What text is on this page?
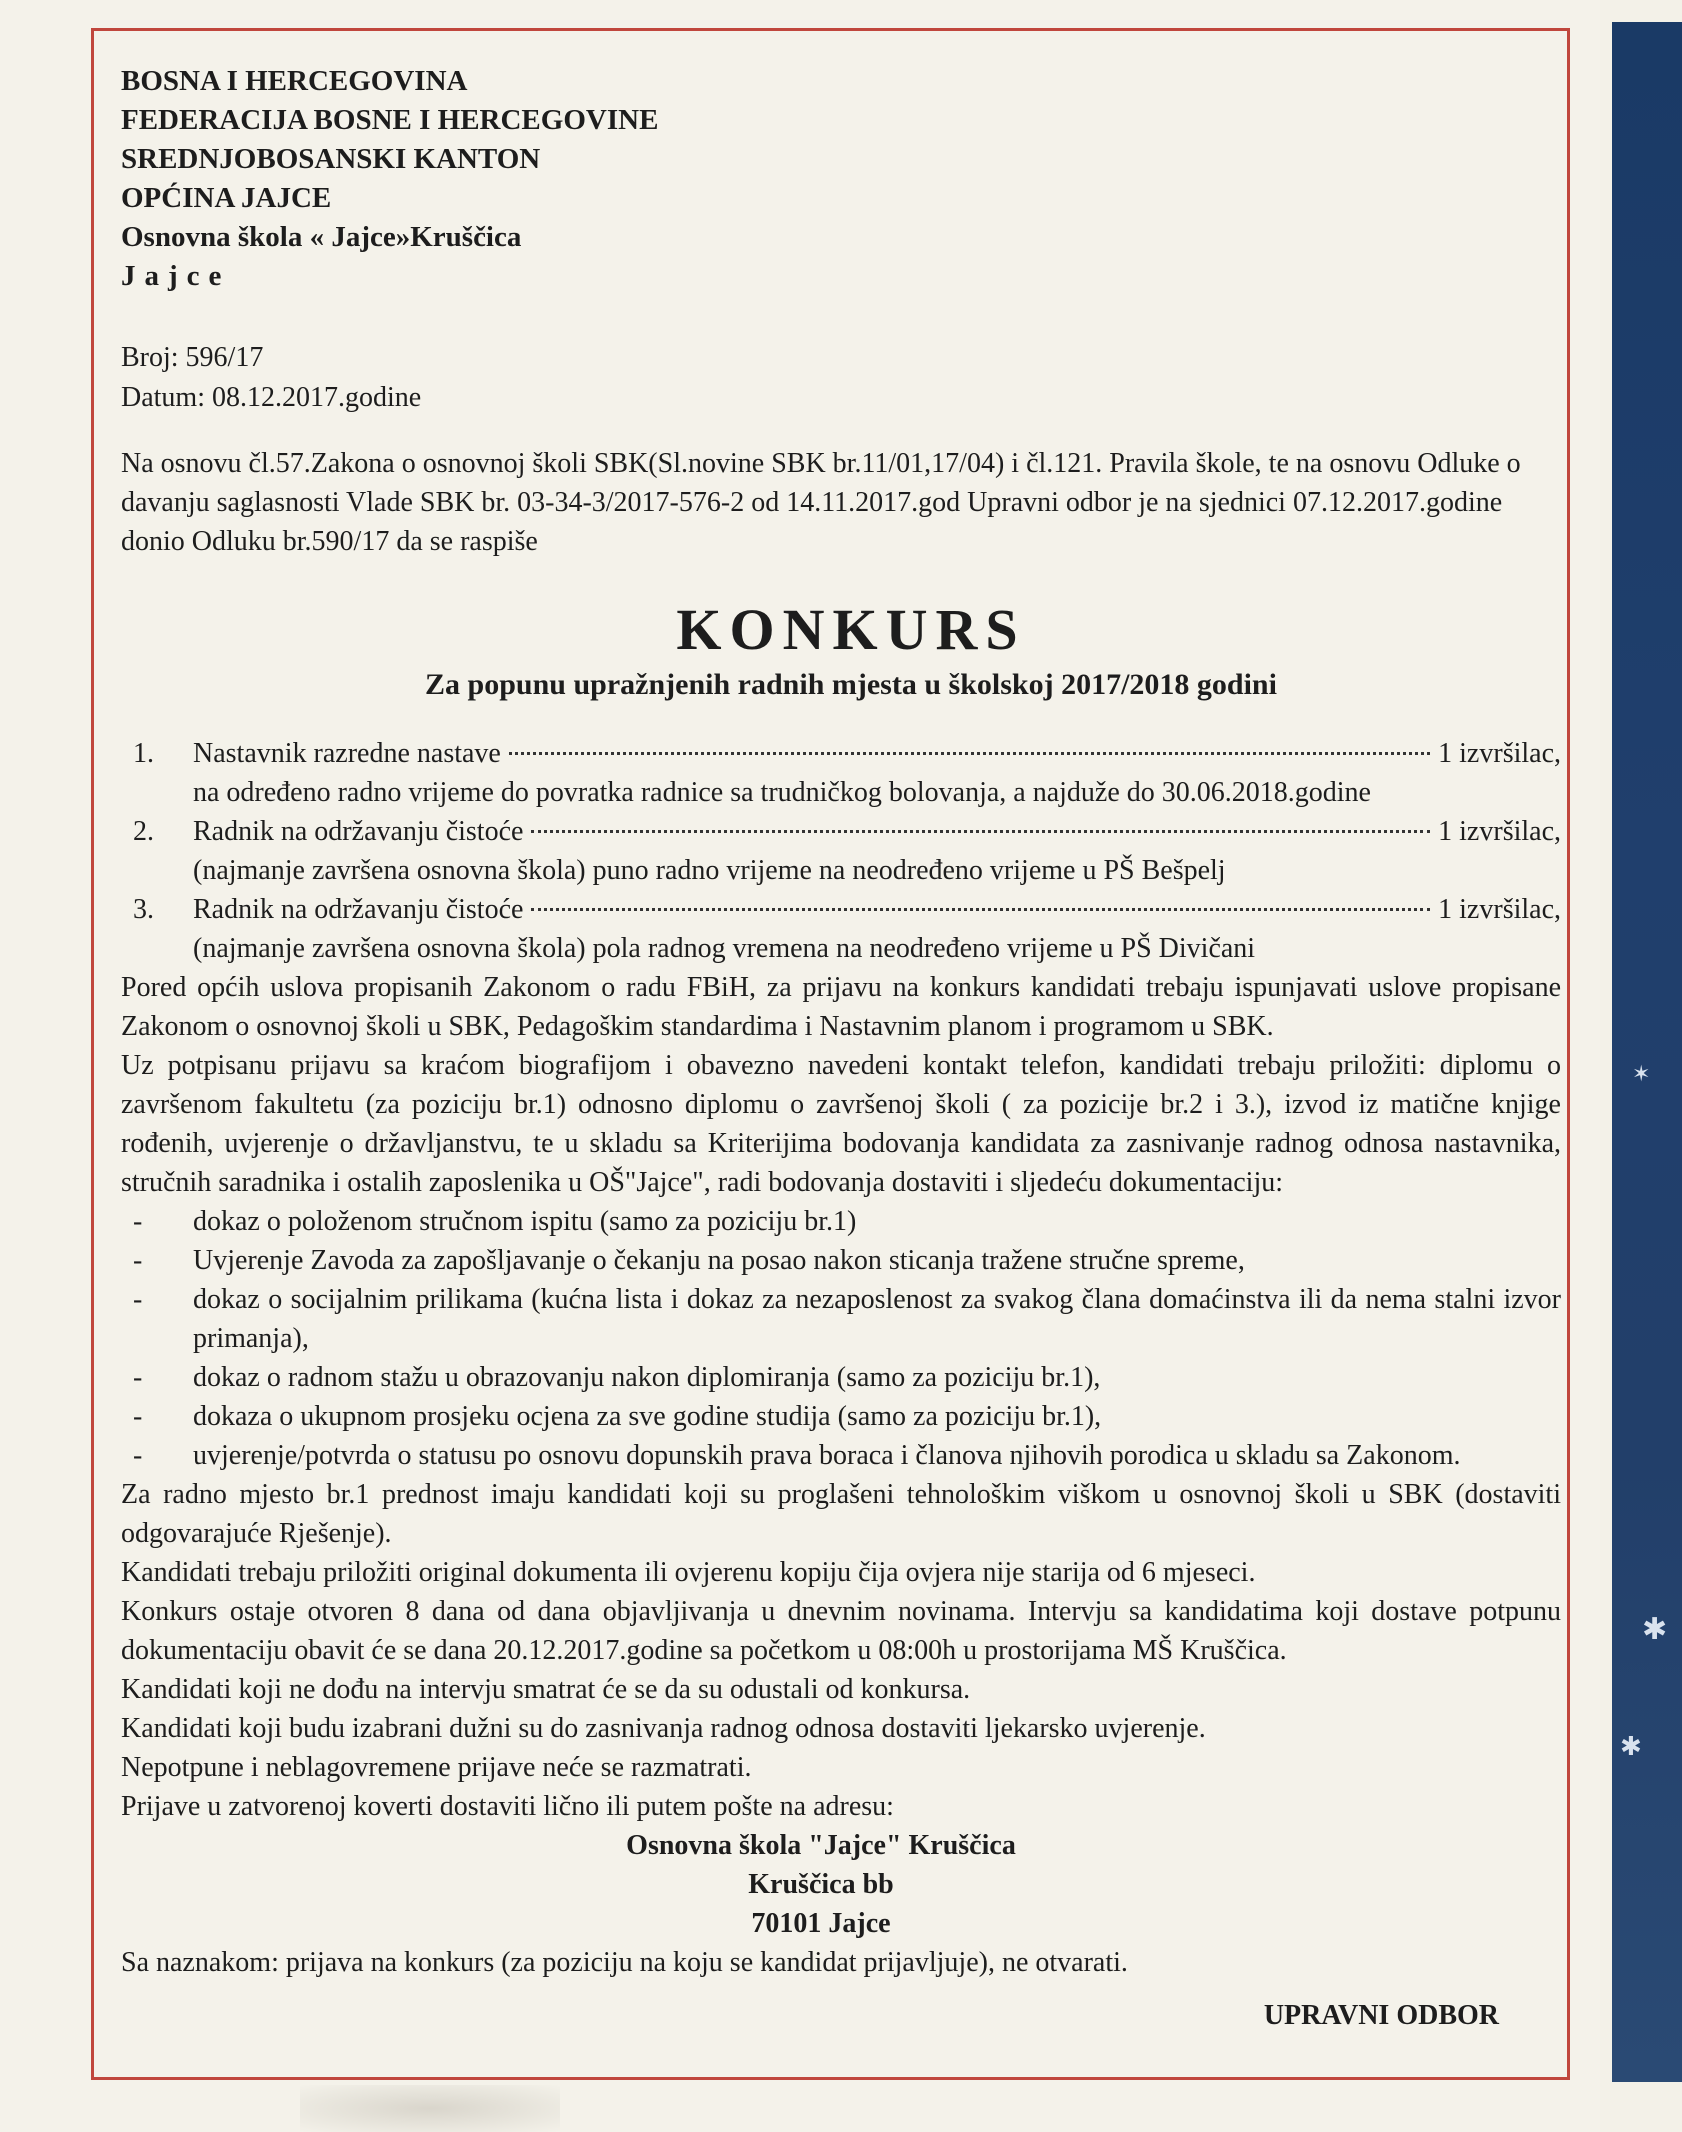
✶
✱
✱
BOSNA I HERCEGOVINA
FEDERACIJA BOSNE I HERCEGOVINE
SREDNJOBOSANSKI KANTON
OPĆINA JAJCE
Osnovna škola « Jajce»Kruščica
Jajce
Broj: 596/17
Datum: 08.12.2017.godine
Na osnovu čl.57.Zakona o osnovnoj školi SBK(Sl.novine SBK br.11/01,17/04) i čl.121. Pravila škole, te na osnovu Odluke o davanju saglasnosti Vlade SBK br. 03-34-3/2017-576-2 od 14.11.2017.god Upravni odbor je na sjednici 07.12.2017.godine donio Odluku br.590/17 da se raspiše
KONKURS
Za popunu upražnjenih radnih mjesta u školskoj 2017/2018 godini
1.	Nastavnik razredne nastave	1 izvršilac,
na određeno radno vrijeme do povratka radnice sa trudničkog bolovanja, a najduže do 30.06.2018.godine
2.	Radnik na održavanju čistoće	1 izvršilac,
(najmanje završena osnovna škola) puno radno vrijeme na neodređeno vrijeme u PŠ Bešpelj
3.	Radnik na održavanju čistoće	1 izvršilac,
(najmanje završena osnovna škola) pola radnog vremena na neodređeno vrijeme u PŠ Divičani
Pored općih uslova propisanih Zakonom o radu FBiH, za prijavu na konkurs kandidati trebaju ispunjavati uslove propisane Zakonom o osnovnoj školi u SBK, Pedagoškim standardima i Nastavnim planom i programom u SBK.
Uz potpisanu prijavu sa kraćom biografijom i obavezno navedeni kontakt telefon, kandidati trebaju priložiti: diplomu o završenom fakultetu (za poziciju br.1) odnosno diplomu o završenoj školi ( za pozicije br.2 i 3.), izvod iz matične knjige rođenih, uvjerenje o državljanstvu, te u skladu sa Kriterijima bodovanja kandidata za zasnivanje radnog odnosa nastavnika, stručnih saradnika i ostalih zaposlenika u OŠ"Jajce", radi bodovanja dostaviti i sljedeću dokumentaciju:
-	dokaz o položenom stručnom ispitu (samo za poziciju br.1)
-	Uvjerenje Zavoda za zapošljavanje o čekanju na posao nakon sticanja tražene stručne spreme,
-	dokaz o socijalnim prilikama (kućna lista i dokaz za nezaposlenost za svakog člana domaćinstva ili da nema stalni izvor primanja),
-	dokaz o radnom stažu u obrazovanju nakon diplomiranja (samo za poziciju br.1),
-	dokaza o ukupnom prosjeku ocjena za sve godine studija (samo za poziciju br.1),
-	uvjerenje/potvrda o statusu po osnovu dopunskih prava boraca i članova njihovih porodica u skladu sa Zakonom.
Za radno mjesto br.1 prednost imaju kandidati koji su proglašeni tehnološkim viškom u osnovnoj školi u SBK (dostaviti odgovarajuće Rješenje).
Kandidati trebaju priložiti original dokumenta ili ovjerenu kopiju čija ovjera nije starija od 6 mjeseci.
Konkurs ostaje otvoren 8 dana od dana objavljivanja u dnevnim novinama. Intervju sa kandidatima koji dostave potpunu dokumentaciju obavit će se dana 20.12.2017.godine sa početkom u 08:00h u prostorijama MŠ Kruščica.
Kandidati koji ne dođu na intervju smatrat će se da su odustali od konkursa.
Kandidati koji budu izabrani dužni su do zasnivanja radnog odnosa dostaviti ljekarsko uvjerenje.
Nepotpune i neblagovremene prijave neće se razmatrati.
Prijave u zatvorenoj koverti dostaviti lično ili putem pošte na adresu:
Osnovna škola "Jajce" Kruščica
Kruščica bb
70101 Jajce
Sa naznakom: prijava na konkurs (za poziciju na koju se kandidat prijavljuje), ne otvarati.
UPRAVNI ODBOR
